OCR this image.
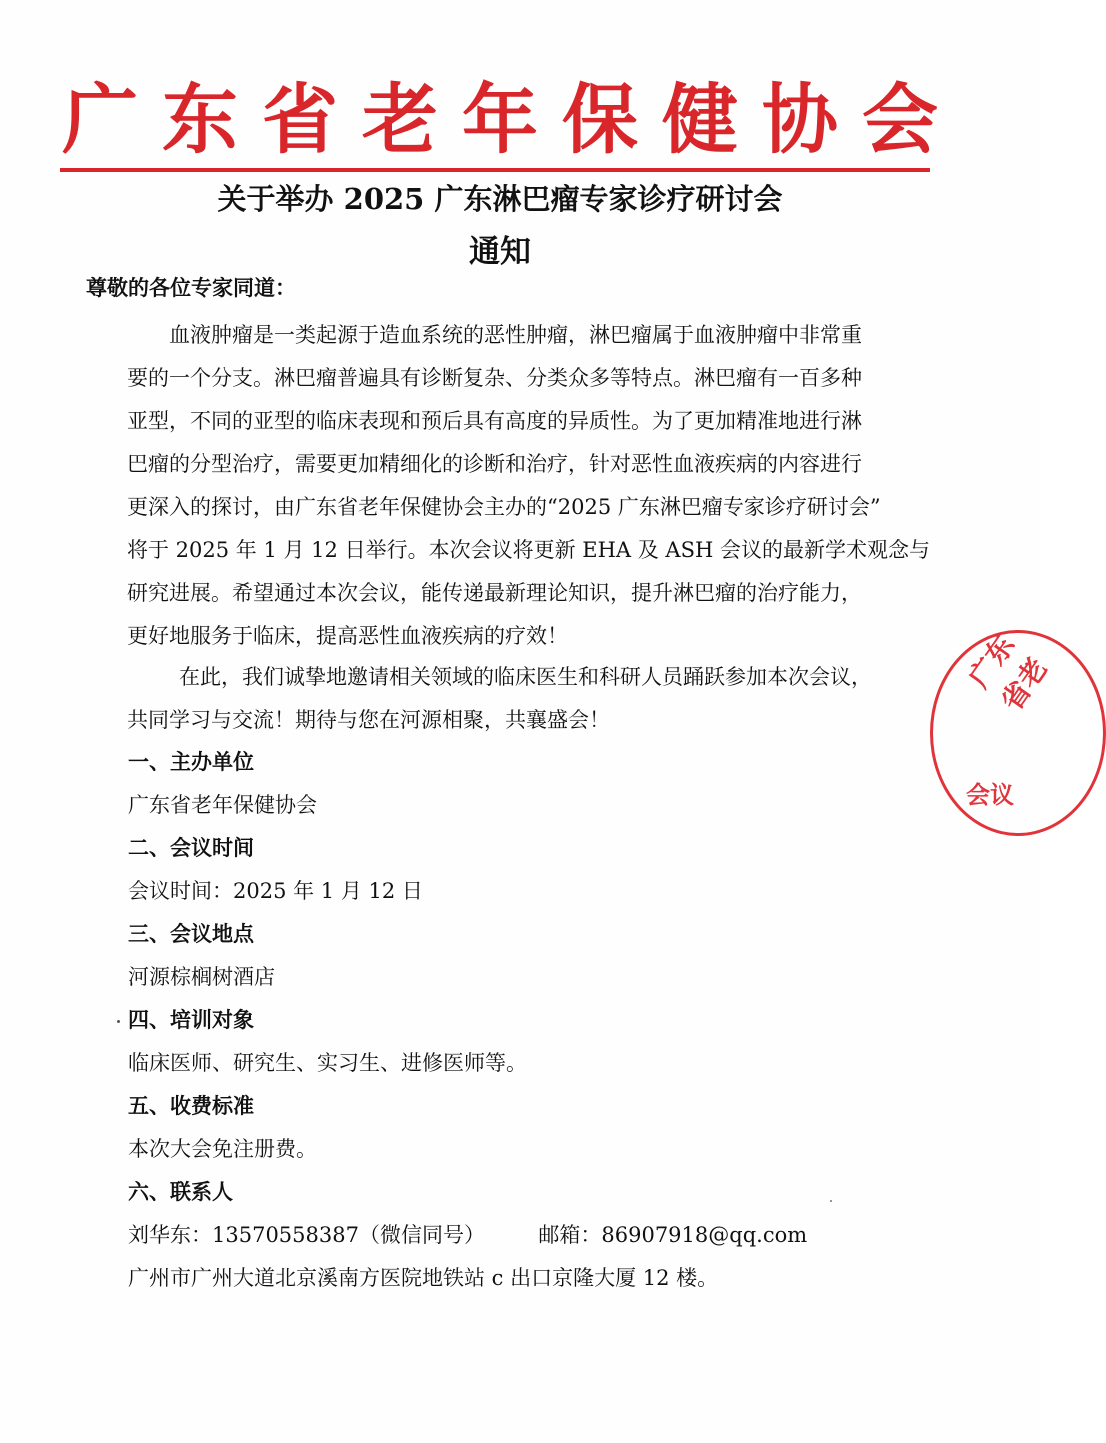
广东省老年保健协会
关于举办 2025 广东淋巴瘤专家诊疗研讨会
通知
尊敬的各位专家同道：
血液肿瘤是一类起源于造血系统的恶性肿瘤，淋巴瘤属于血液肿瘤中非常重
要的一个分支。淋巴瘤普遍具有诊断复杂、分类众多等特点。淋巴瘤有一百多种
亚型，不同的亚型的临床表现和预后具有高度的异质性。为了更加精准地进行淋
巴瘤的分型治疗，需要更加精细化的诊断和治疗，针对恶性血液疾病的内容进行
更深入的探讨，由广东省老年保健协会主办的“2025 广东淋巴瘤专家诊疗研讨会”
将于 2025 年 1 月 12 日举行。本次会议将更新 EHA 及 ASH 会议的最新学术观念与
研究进展。希望通过本次会议，能传递最新理论知识，提升淋巴瘤的治疗能力，
更好地服务于临床，提高恶性血液疾病的疗效！
在此，我们诚挚地邀请相关领域的临床医生和科研人员踊跃参加本次会议，
共同学习与交流！期待与您在河源相聚，共襄盛会！
一、主办单位
广东省老年保健协会
二、会议时间
会议时间：2025 年 1 月 12 日
三、会议地点
河源棕榈树酒店
四、培训对象
临床医师、研究生、实习生、进修医师等。
五、收费标准
本次大会免注册费。
六、联系人
刘华东：13570558387（微信同号）        邮箱：86907918@qq.com
广州市广州大道北京溪南方医院地铁站 c 出口京隆大厦 12 楼。
广东省老
会议
